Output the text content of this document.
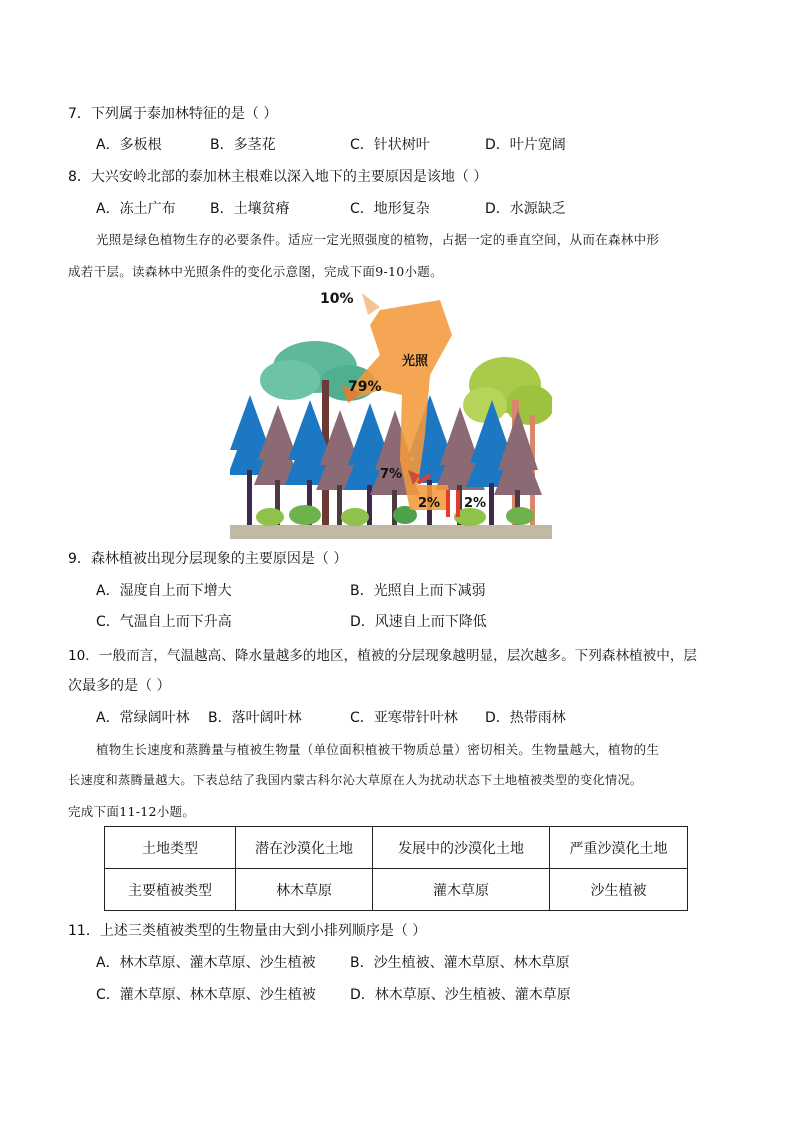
7．下列属于泰加林特征的是（ ）
A．多板根	B．多茎花	C．针状树叶	D．叶片宽阔
8．大兴安岭北部的泰加林主根难以深入地下的主要原因是该地（ ）
A．冻土广布 B．土壤贫瘠	C．地形复杂	D．水源缺乏
光照是绿色植物生存的必要条件。适应一定光照强度的植物，占据一定的垂直空间，从而在森林中形
成若干层。读森林中光照条件的变化示意图，完成下面9-10小题。
10%
光照
79%
7%
2% 2%
9．森林植被出现分层现象的主要原因是（ ）
A．湿度自上而下增大	B．光照自上而下减弱
C．气温自上而下升高	D．风速自上而下降低
10．一般而言，气温越高、降水量越多的地区，植被的分层现象越明显，层次越多。下列森林植被中，层
次最多的是（ ）
A．常绿阔叶林 B．落叶阔叶林	C．亚寒带针叶林 D．热带雨林
植物生长速度和蒸腾量与植被生物量（单位面积植被干物质总量）密切相关。生物量越大，植物的生
长速度和蒸腾量越大。下表总结了我国内蒙古科尔沁大草原在人为扰动状态下土地植被类型的变化情况。
完成下面11-12小题。
土地类型	潜在沙漠化土地	发展中的沙漠化土地	严重沙漠化土地
主要植被类型	林木草原	灌木草原	沙生植被
11．上述三类植被类型的生物量由大到小排列顺序是（ ）
A．林木草原、灌木草原、沙生植被 B．沙生植被、灌木草原、林木草原
C．灌木草原、林木草原、沙生植被 D．林木草原、沙生植被、灌木草原
